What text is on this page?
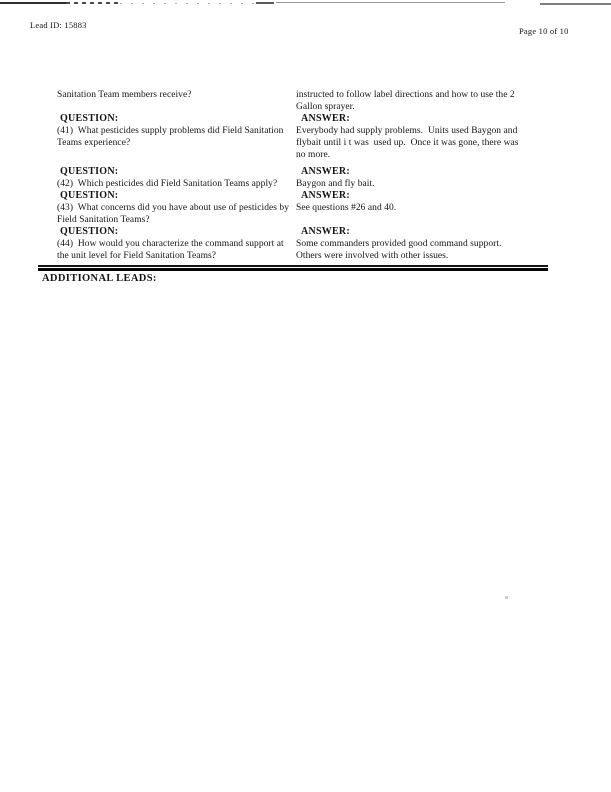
Lead ID: 15883
Page 10 of 10
Sanitation Team members receive?	instructed to follow label directions and how to use the 2
Gallon sprayer.
QUESTION:
(41)  What pesticides supply problems did Field Sanitation
Teams experience?
ANSWER:
Everybody had supply problems.  Units used Baygon and
flybait until i t was  used up.  Once it was gone, there was
no more.
QUESTION:
(42)  Which pesticides did Field Sanitation Teams apply?
ANSWER:
Baygon and fly bait.
QUESTION:
(43)  What concerns did you have about use of pesticides by
Field Sanitation Teams?
ANSWER:
See questions #26 and 40.
QUESTION:
(44)  How would you characterize the command support at
the unit level for Field Sanitation Teams?
ANSWER:
Some commanders provided good command support.
Others were involved with other issues.
ADDITIONAL LEADS:
